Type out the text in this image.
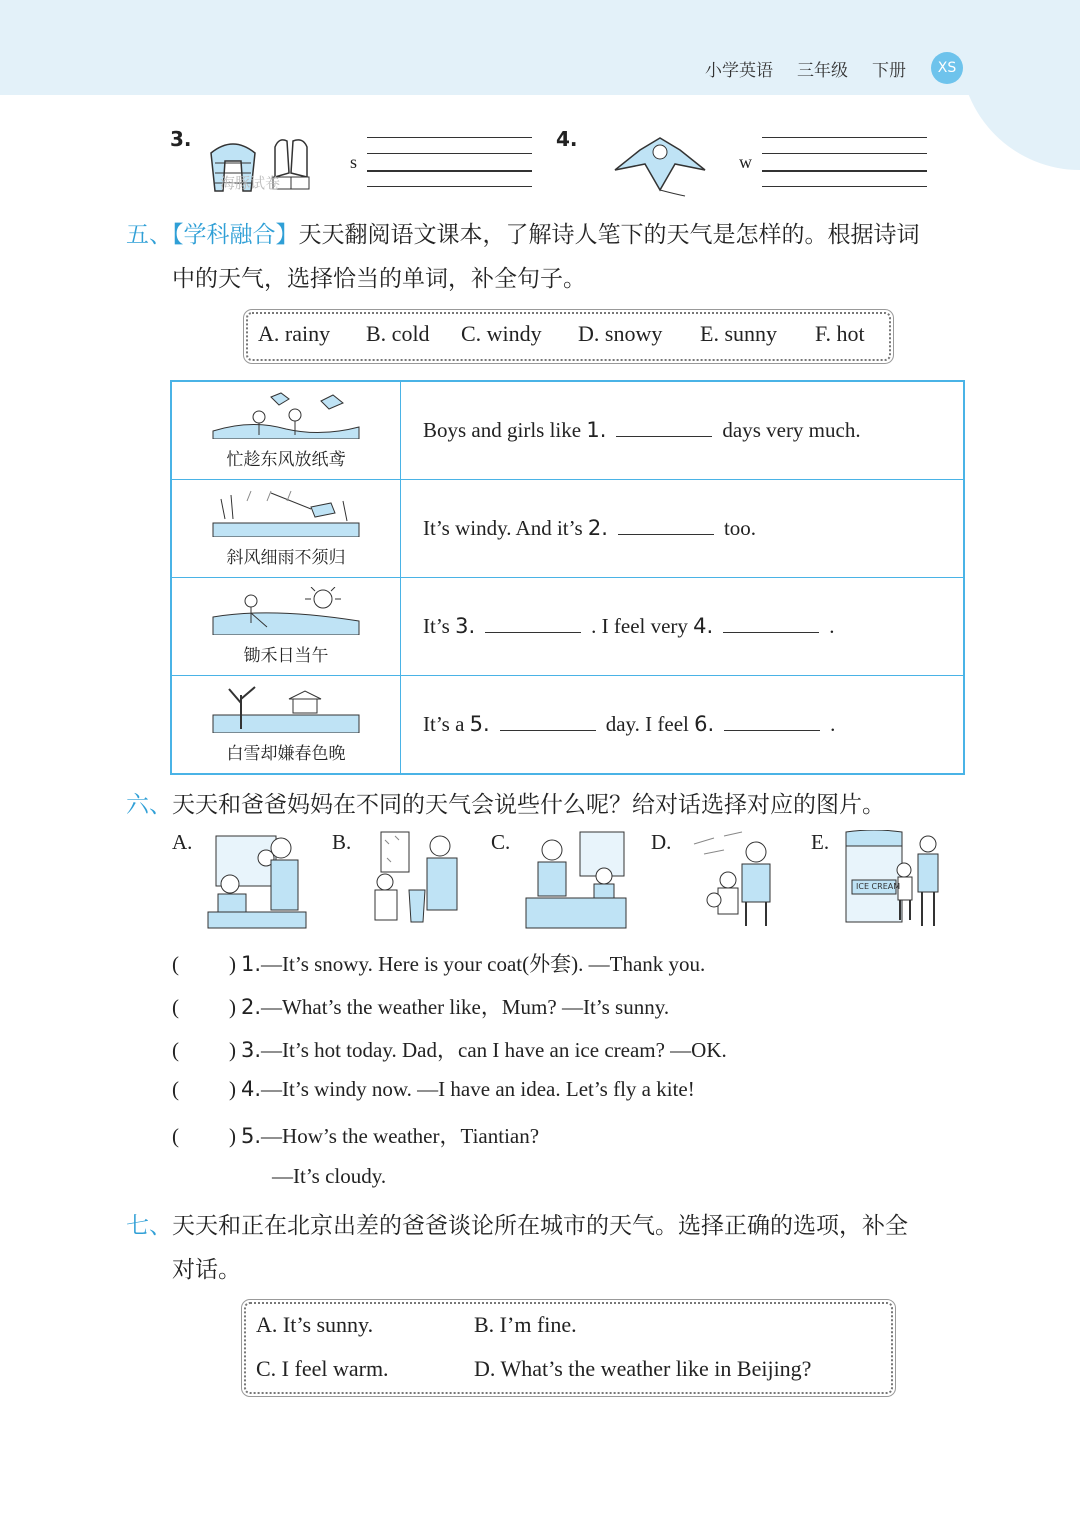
小学英语 三年级 下册	XS
3.
海豚试卷
s
4.
w
五、【学科融合】天天翻阅语文课本，了解诗人笔下的天气是怎样的。根据诗词
中的天气，选择恰当的单词，补全句子。
A. rainy B. cold C. windy D. snowy E. sunny F. hot
忙趁东风放纸鸢	Boys and girls like 1. days very much.

斜风细雨不须归	It’s windy. And it’s 2. too.

锄禾日当午	It’s 3. . I feel very 4. .

白雪却嫌春色晚	It’s a 5. day. I feel 6. .
六、天天和爸爸妈妈在不同的天气会说些什么呢？给对话选择对应的图片。
A.	B.	C.	D.	E.
ICE CREAM
( ) 1.—It’s snowy. Here is your coat(外套). —Thank you.
( ) 2.—What’s the weather like，Mum? —It’s sunny.
( ) 3.—It’s hot today. Dad，can I have an ice cream? —OK.
( ) 4.—It’s windy now. —I have an idea. Let’s fly a kite!
( ) 5.—How’s the weather，Tiantian?
—It’s cloudy.
七、天天和正在北京出差的爸爸谈论所在城市的天气。选择正确的选项，补全
对话。
A. It’s sunny.	B. I’m fine.
C. I feel warm.	D. What’s the weather like in Beijing?
